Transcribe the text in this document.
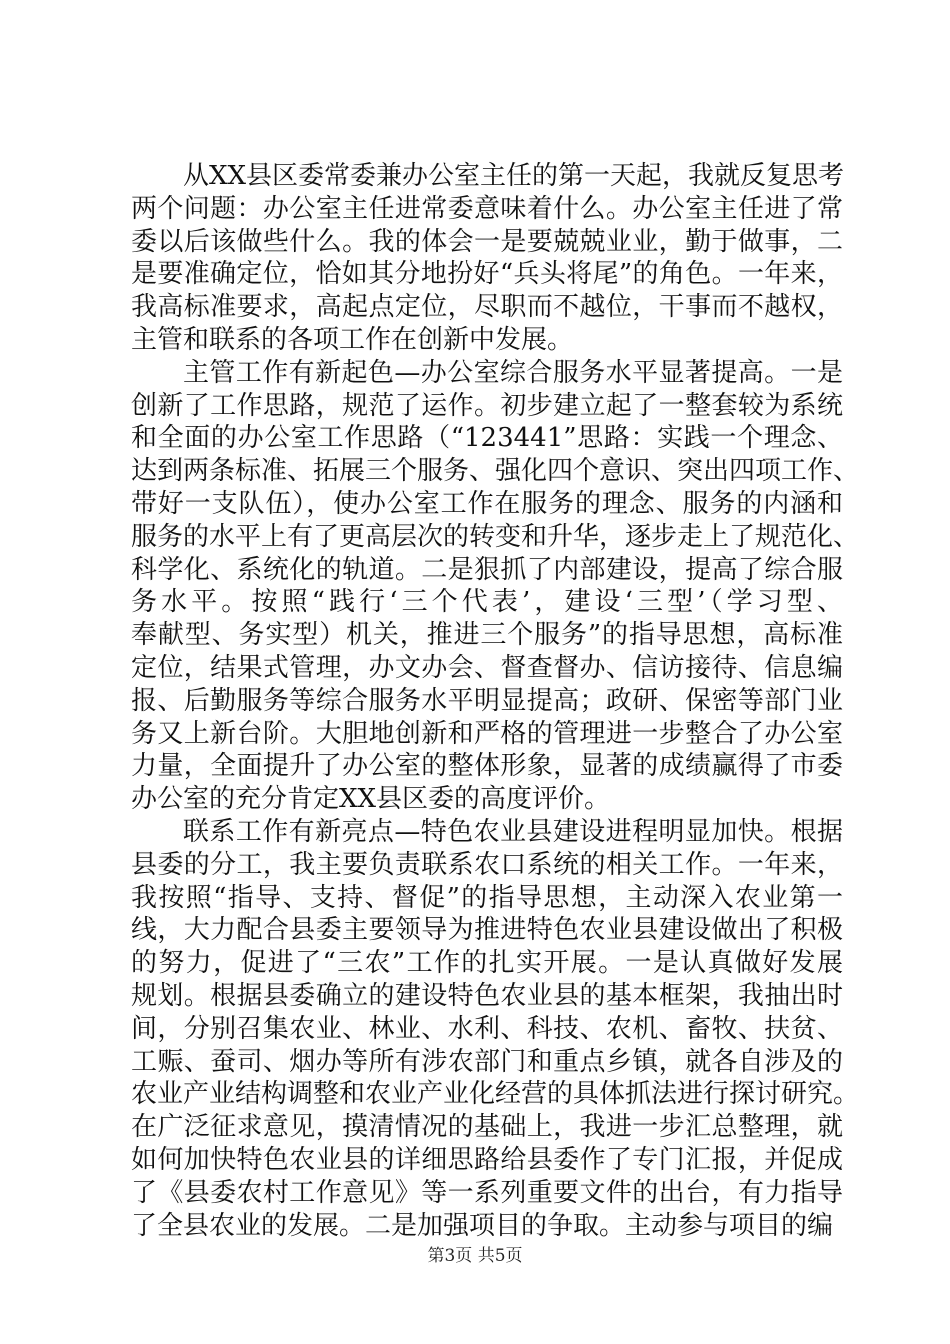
从XX县区委常委兼办公室主任的第一天起，我就反复思考
两个问题：办公室主任进常委意味着什么。办公室主任进了常
委以后该做些什么。我的体会一是要兢兢业业，勤于做事，二
是要准确定位，恰如其分地扮好“兵头将尾”的角色。一年来，
我高标准要求，高起点定位，尽职而不越位，干事而不越权，
主管和联系的各项工作在创新中发展。
主管工作有新起色—办公室综合服务水平显著提高。一是
创新了工作思路，规范了运作。初步建立起了一整套较为系统
和全面的办公室工作思路（“123441”思路：实践一个理念、
达到两条标准、拓展三个服务、强化四个意识、突出四项工作、
带好一支队伍），使办公室工作在服务的理念、服务的内涵和
服务的水平上有了更高层次的转变和升华，逐步走上了规范化、
科学化、系统化的轨道。二是狠抓了内部建设，提高了综合服
务水平。按照“践行‘三个代表’，建设‘三型’（学习型、
奉献型、务实型）机关，推进三个服务”的指导思想，高标准
定位，结果式管理，办文办会、督查督办、信访接待、信息编
报、后勤服务等综合服务水平明显提高；政研、保密等部门业
务又上新台阶。大胆地创新和严格的管理进一步整合了办公室
力量，全面提升了办公室的整体形象，显著的成绩赢得了市委
办公室的充分肯定XX县区委的高度评价。
联系工作有新亮点—特色农业县建设进程明显加快。根据
县委的分工，我主要负责联系农口系统的相关工作。一年来，
我按照“指导、支持、督促”的指导思想，主动深入农业第一
线，大力配合县委主要领导为推进特色农业县建设做出了积极
的努力，促进了“三农”工作的扎实开展。一是认真做好发展
规划。根据县委确立的建设特色农业县的基本框架，我抽出时
间，分别召集农业、林业、水利、科技、农机、畜牧、扶贫、
工赈、蚕司、烟办等所有涉农部门和重点乡镇，就各自涉及的
农业产业结构调整和农业产业化经营的具体抓法进行探讨研究。
在广泛征求意见，摸清情况的基础上，我进一步汇总整理，就
如何加快特色农业县的详细思路给县委作了专门汇报，并促成
了《县委农村工作意见》等一系列重要文件的出台，有力指导
了全县农业的发展。二是加强项目的争取。主动参与项目的编
第3页 共5页
